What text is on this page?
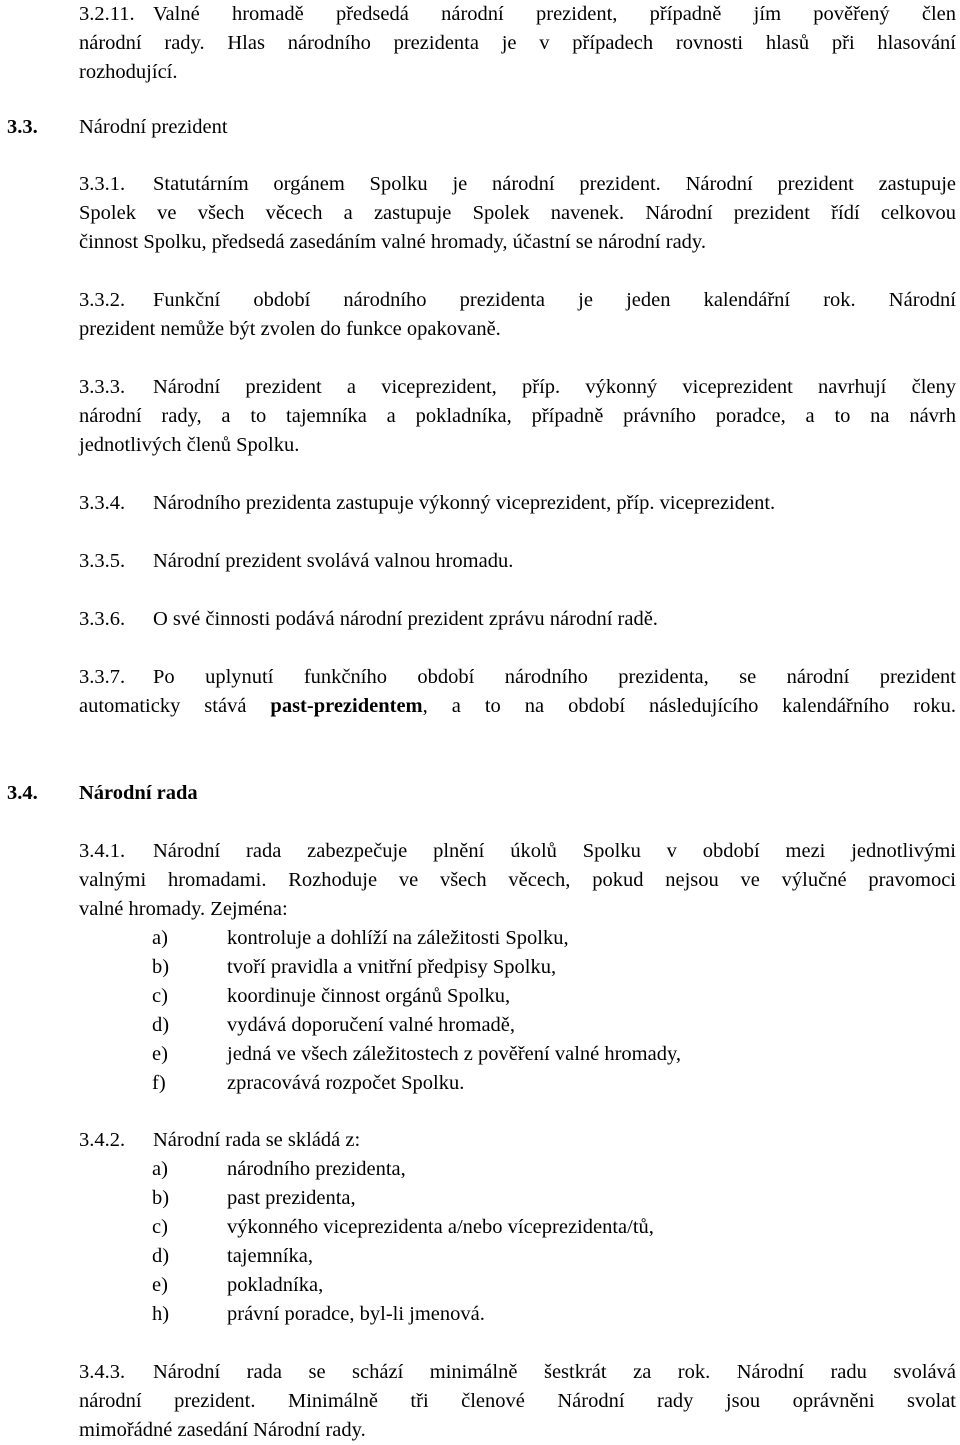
3.2.11. Valné hromadě předsedá národní prezident, případně jím pověřený člen
národní rady. Hlas národního prezidenta je v případech rovnosti hlasů při hlasování
rozhodující.
3.3. Národní prezident
3.3.1. Statutárním orgánem Spolku je národní prezident. Národní prezident zastupuje
Spolek ve všech věcech a zastupuje Spolek navenek. Národní prezident řídí celkovou
činnost Spolku, předsedá zasedáním valné hromady, účastní se národní rady.
3.3.2. Funkční období národního prezidenta je jeden kalendářní rok. Národní
prezident nemůže být zvolen do funkce opakovaně.
3.3.3. Národní prezident a viceprezident, příp. výkonný viceprezident navrhují členy
národní rady, a to tajemníka a pokladníka, případně právního poradce, a to na návrh
jednotlivých členů Spolku.
3.3.4. Národního prezidenta zastupuje výkonný viceprezident, příp. viceprezident.
3.3.5. Národní prezident svolává valnou hromadu.
3.3.6. O své činnosti podává národní prezident zprávu národní radě.
3.3.7. Po uplynutí funkčního období národního prezidenta, se národní prezident
automaticky stává past-prezidentem, a to na období následujícího kalendářního roku.
3.4. Národní rada
3.4.1. Národní rada zabezpečuje plnění úkolů Spolku v období mezi jednotlivými
valnými hromadami. Rozhoduje ve všech věcech, pokud nejsou ve výlučné pravomoci
valné hromady. Zejména:
a)	kontroluje a dohlíží na záležitosti Spolku,
b)	tvoří pravidla a vnitřní předpisy Spolku,
c)	koordinuje činnost orgánů Spolku,
d)	vydává doporučení valné hromadě,
e)	jedná ve všech záležitostech z pověření valné hromady,
f)	zpracovává rozpočet Spolku.
3.4.2. Národní rada se skládá z:
a)	národního prezidenta,
b)	past prezidenta,
c)	výkonného viceprezidenta a/nebo víceprezidenta/tů,
d)	tajemníka,
e)	pokladníka,
h)	právní poradce, byl-li jmenová.
3.4.3. Národní rada se schází minimálně šestkrát za rok. Národní radu svolává
národní prezident. Minimálně tři členové Národní rady jsou oprávněni svolat
mimořádné zasedání Národní rady.
